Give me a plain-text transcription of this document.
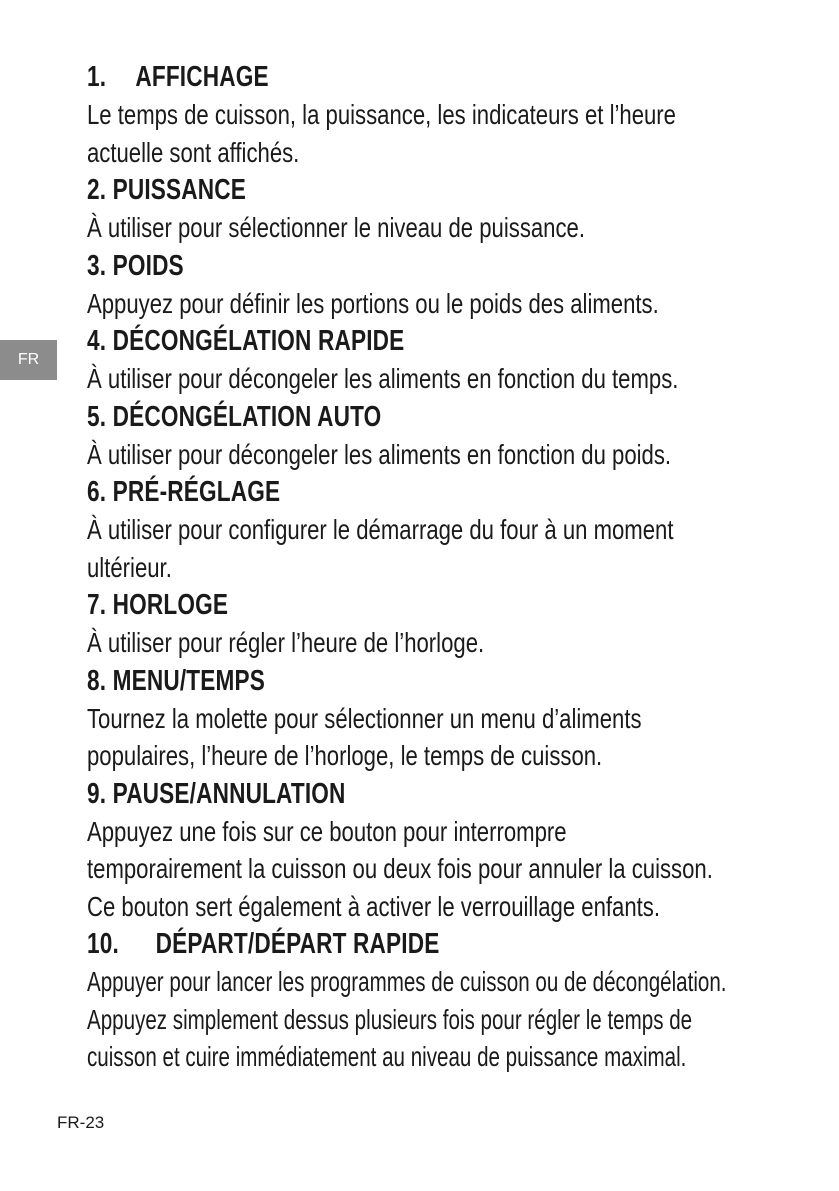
FR
1. AFFICHAGE
Le temps de cuisson, la puissance, les indicateurs et l’heure
actuelle sont affichés.
2. PUISSANCE
À utiliser pour sélectionner le niveau de puissance.
3. POIDS
Appuyez pour définir les portions ou le poids des aliments.
4. DÉCONGÉLATION RAPIDE
À utiliser pour décongeler les aliments en fonction du temps.
5. DÉCONGÉLATION AUTO
À utiliser pour décongeler les aliments en fonction du poids.
6. PRÉ-RÉGLAGE
À utiliser pour configurer le démarrage du four à un moment
ultérieur.
7. HORLOGE
À utiliser pour régler l’heure de l’horloge.
8. MENU/TEMPS
Tournez la molette pour sélectionner un menu d’aliments
populaires, l’heure de l’horloge, le temps de cuisson.
9. PAUSE/ANNULATION
Appuyez une fois sur ce bouton pour interrompre
temporairement la cuisson ou deux fois pour annuler la cuisson.
Ce bouton sert également à activer le verrouillage enfants.
10. DÉPART/DÉPART RAPIDE
Appuyer pour lancer les programmes de cuisson ou de décongélation.
Appuyez simplement dessus plusieurs fois pour régler le temps de
cuisson et cuire immédiatement au niveau de puissance maximal.
FR-23
